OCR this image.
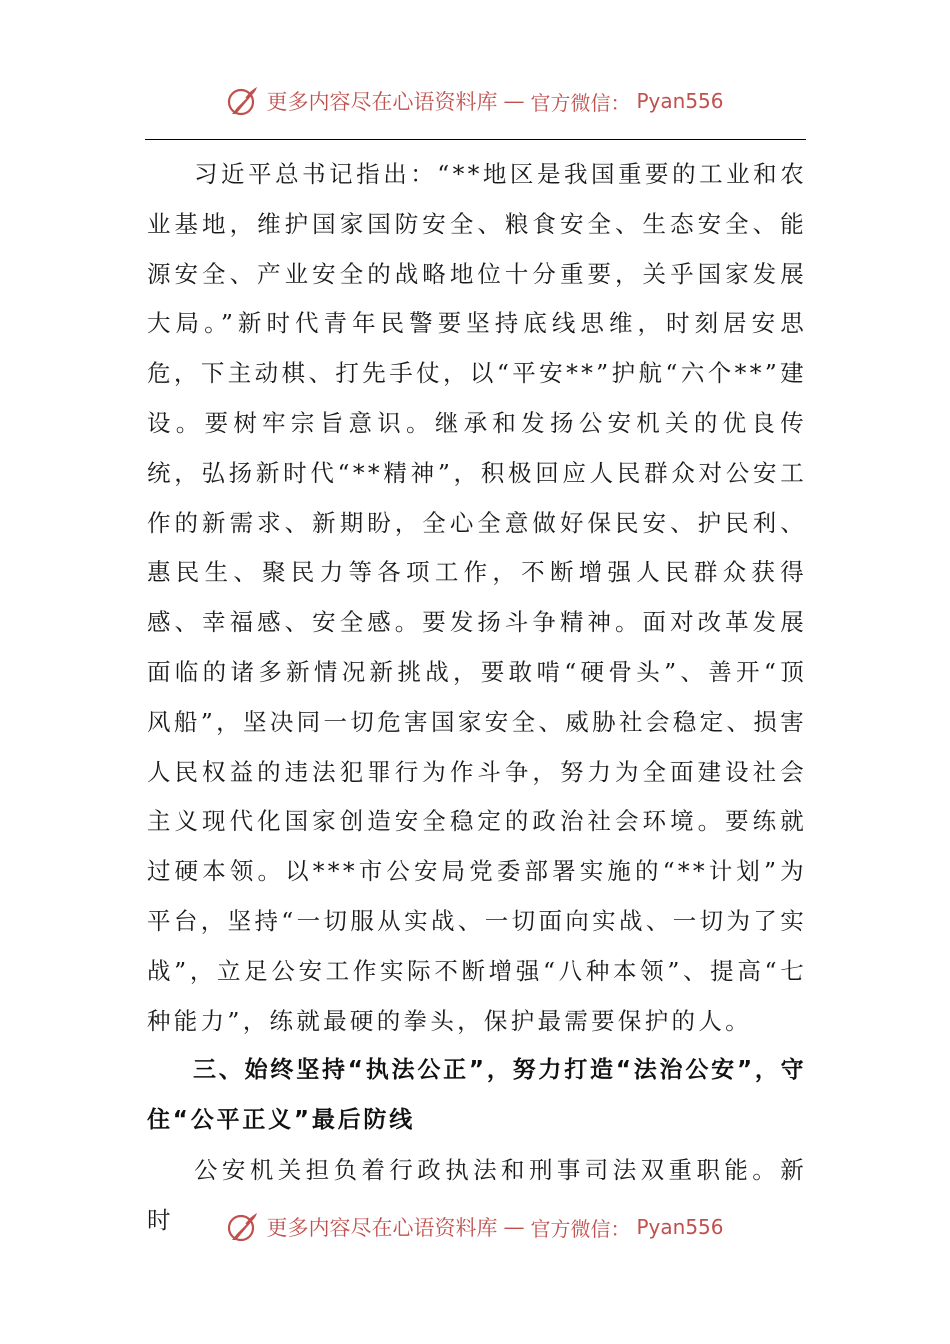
更多内容尽在心语资料库 — 官方微信： Pyan556

习近平总书记指出：“**地区是我国重要的工业和农业基地，维护国家国防安全、粮食安全、生态安全、能源安全、产业安全的战略地位十分重要，关乎国家发展大局。”新时代青年民警要坚持底线思维，时刻居安思危，下主动棋、打先手仗，以“平安**”护航“六个**”建设。要树牢宗旨意识。继承和发扬公安机关的优良传统，弘扬新时代“**精神”，积极回应人民群众对公安工作的新需求、新期盼，全心全意做好保民安、护民利、惠民生、聚民力等各项工作，不断增强人民群众获得感、幸福感、安全感。要发扬斗争精神。面对改革发展面临的诸多新情况新挑战，要敢啃“硬骨头”、善开“顶风船”，坚决同一切危害国家安全、威胁社会稳定、损害人民权益的违法犯罪行为作斗争，努力为全面建设社会主义现代化国家创造安全稳定的政治社会环境。要练就过硬本领。以***市公安局党委部署实施的“**计划”为平台，坚持“一切服从实战、一切面向实战、一切为了实战”，立足公安工作实际不断增强“八种本领”、提高“七种能力”，练就最硬的拳头，保护最需要保护的人。

三、始终坚持“执法公正”，努力打造“法治公安”，守住“公平正义”最后防线

公安机关担负着行政执法和刑事司法双重职能。新时	更多内容尽在心语资料库 — 官方微信： Pyan556
